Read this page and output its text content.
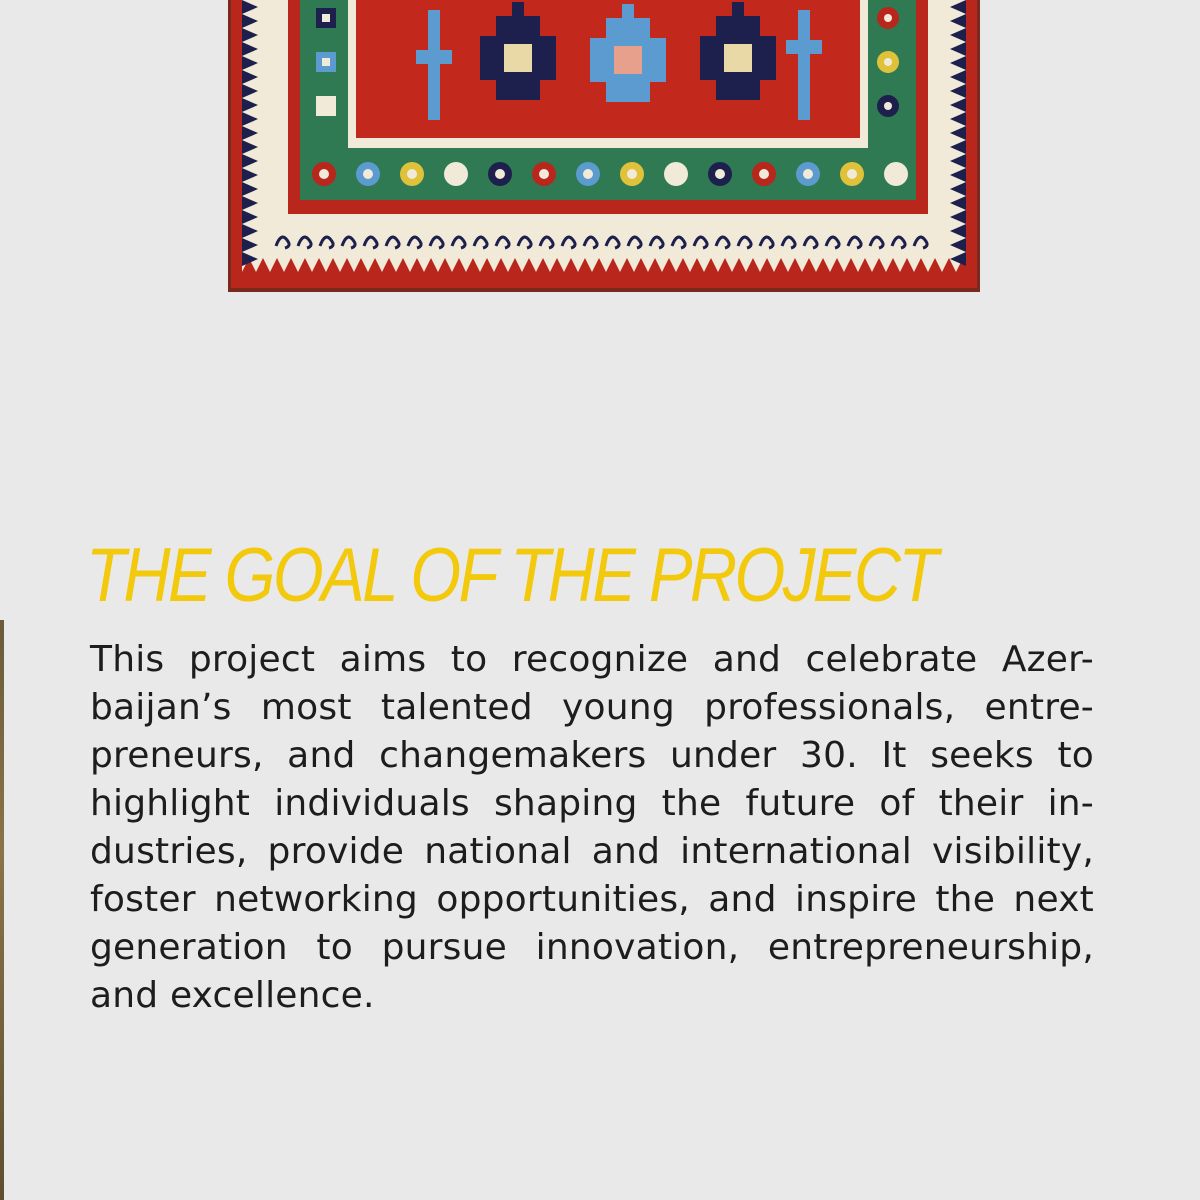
THE GOAL OF THE PROJECT

This project aims to recognize and celebrate Azer-baijan’s most talented young professionals, entre-preneurs, and changemakers under 30. It seeks to highlight individuals shaping the future of their in-dustries, provide national and international visibility, foster networking opportunities, and inspire the next generation to pursue innovation, entrepreneurship, and excellence.
